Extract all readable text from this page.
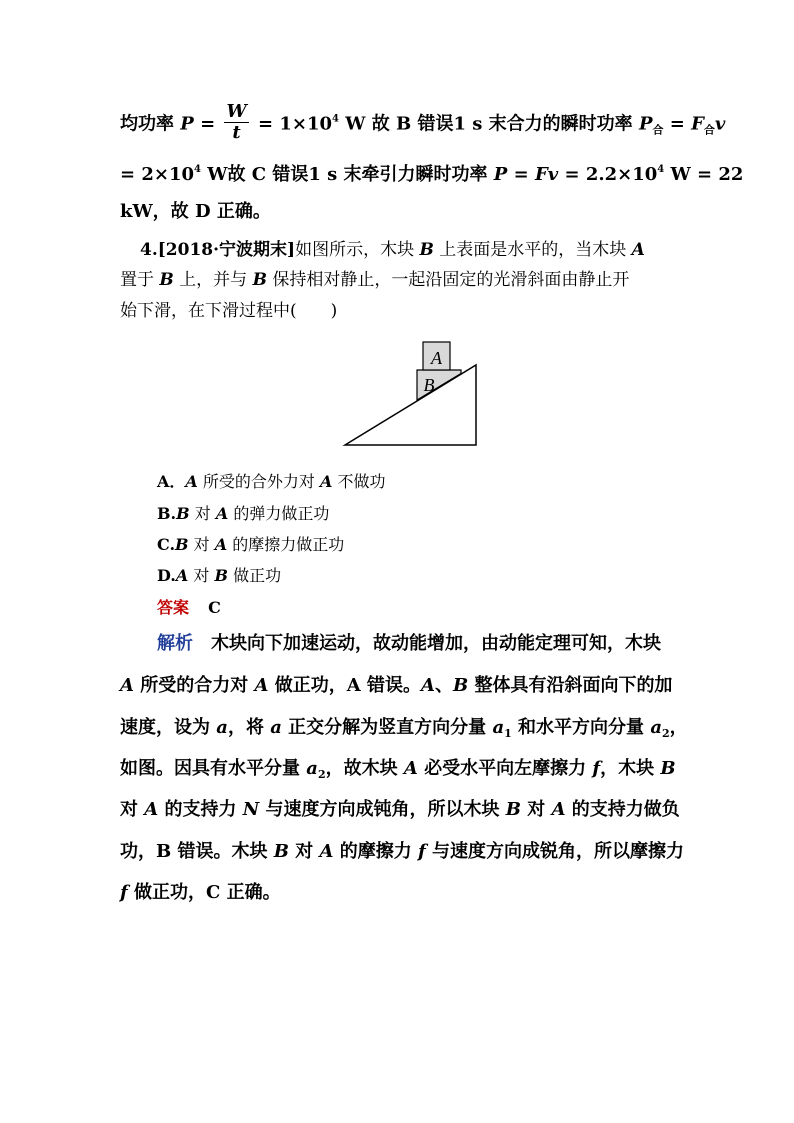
均功率 $P = \frac{W}{t} = 1\times 10^4$ W 故 B 错误1 s 末合力的瞬时功率 $P_合 = F_合v$
= $2\times 10^4$ W故 C 错误1 s 末牵引力瞬时功率 $P = Fv = 2.2\times 10^4$ W = 22
kW，故 D 正确。
4.[2018·宁波期末]如图所示，木块 B 上表面是水平的，当木块 A
置于 B 上，并与 B 保持相对静止，一起沿固定的光滑斜面由静止开
始下滑，在下滑过程中(　　)
A
B
A．A 所受的合外力对 A 不做功
B.B 对 A 的弹力做正功
C.B 对 A 的摩擦力做正功
D.A 对 B 做正功
答案 C
解析　木块向下加速运动，故动能增加，由动能定理可知，木块
A 所受的合力对 A 做正功，A 错误。A、B 整体具有沿斜面向下的加
速度，设为 a，将 a 正交分解为竖直方向分量 $a_1$ 和水平方向分量 $a_2$，
如图。因具有水平分量 $a_2$，故木块 A 必受水平向左摩擦力 f，木块 B
对 A 的支持力 N 与速度方向成钝角，所以木块 B 对 A 的支持力做负
功，B 错误。木块 B 对 A 的摩擦力 f 与速度方向成锐角，所以摩擦力
f 做正功，C 正确。
